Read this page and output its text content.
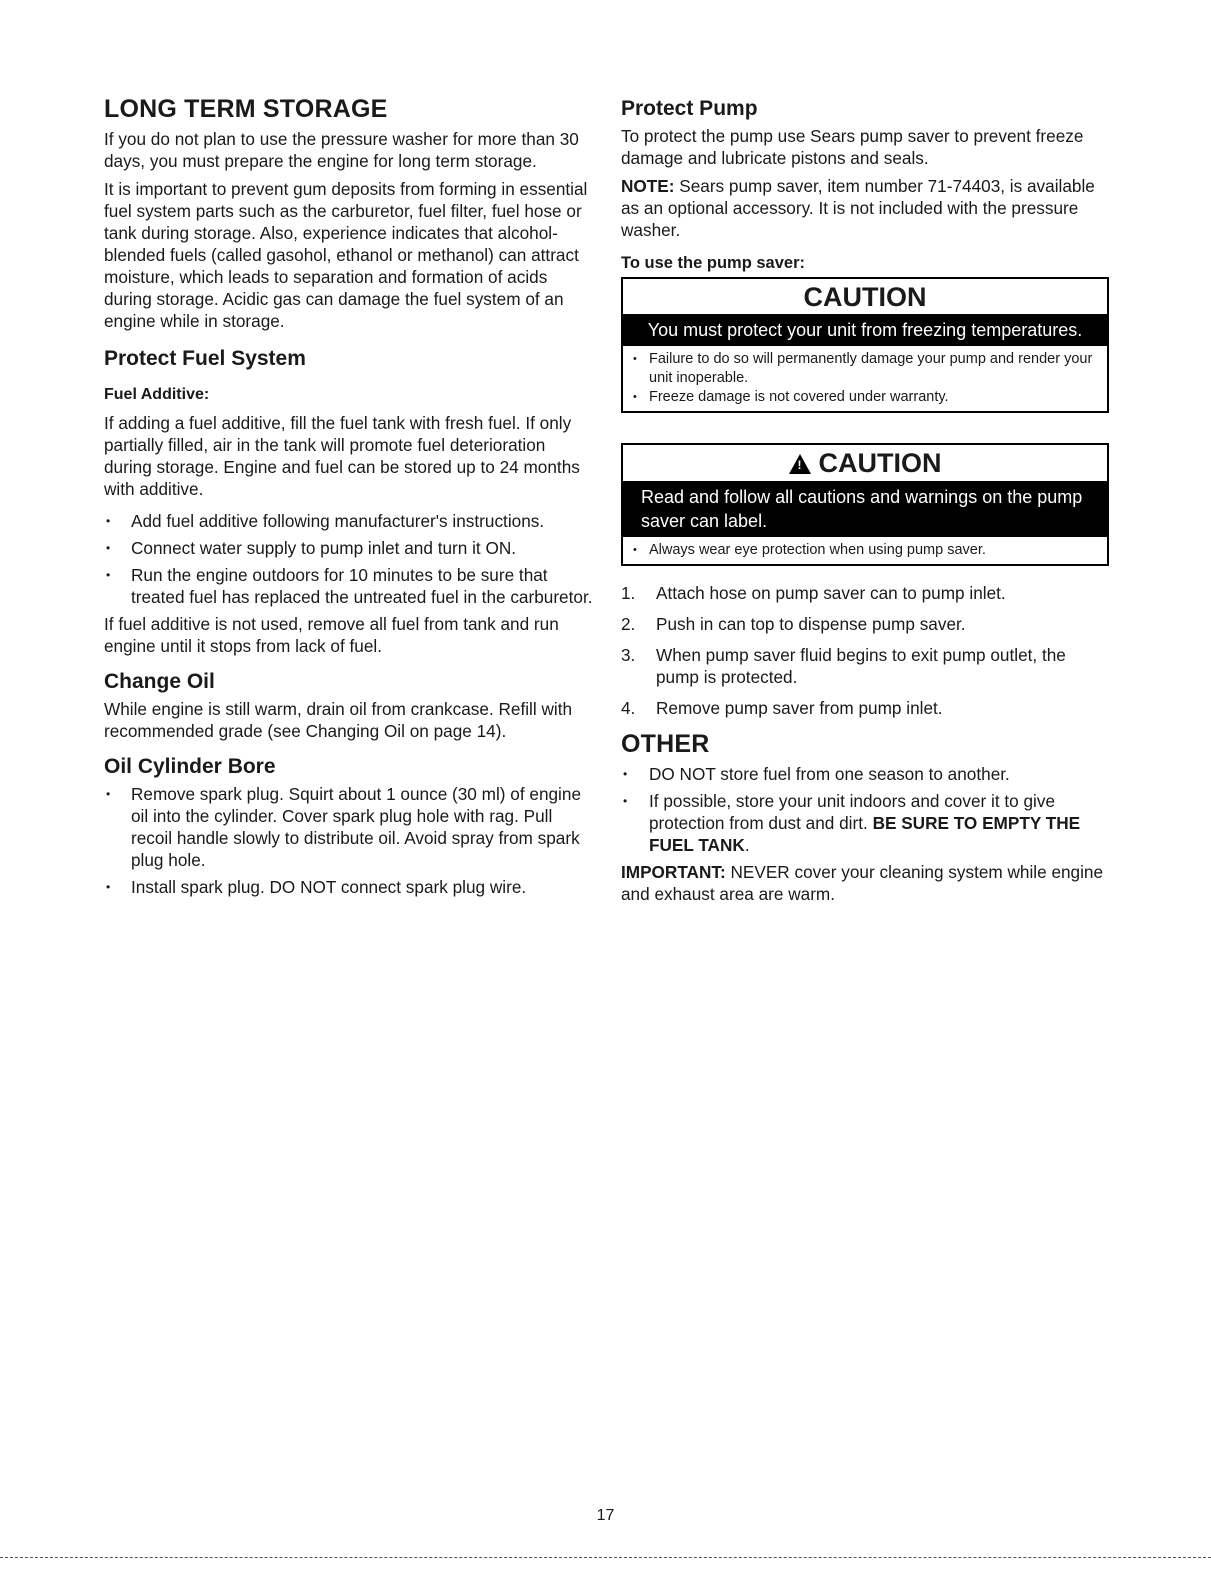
LONG TERM STORAGE

If you do not plan to use the pressure washer for more than 30 days, you must prepare the engine for long term storage.

It is important to prevent gum deposits from forming in essential fuel system parts such as the carburetor, fuel filter, fuel hose or tank during storage. Also, experience indicates that alcohol-blended fuels (called gasohol, ethanol or methanol) can attract moisture, which leads to separation and formation of acids during storage. Acidic gas can damage the fuel system of an engine while in storage.

Protect Fuel System
Fuel Additive:

If adding a fuel additive, fill the fuel tank with fresh fuel. If only partially filled, air in the tank will promote fuel deterioration during storage. Engine and fuel can be stored up to 24 months with additive.

• Add fuel additive following manufacturer's instructions.
• Connect water supply to pump inlet and turn it ON.
• Run the engine outdoors for 10 minutes to be sure that treated fuel has replaced the untreated fuel in the carburetor.

If fuel additive is not used, remove all fuel from tank and run engine until it stops from lack of fuel.

Change Oil

While engine is still warm, drain oil from crankcase. Refill with recommended grade (see Changing Oil on page 14).

Oil Cylinder Bore
• Remove spark plug. Squirt about 1 ounce (30 ml) of engine oil into the cylinder. Cover spark plug hole with rag. Pull recoil handle slowly to distribute oil. Avoid spray from spark plug hole.
• Install spark plug. DO NOT connect spark plug wire.
Protect Pump

To protect the pump use Sears pump saver to prevent freeze damage and lubricate pistons and seals.

NOTE: Sears pump saver, item number 71-74403, is available as an optional accessory. It is not included with the pressure washer.

To use the pump saver:
CAUTION
You must protect your unit from freezing temperatures.
• Failure to do so will permanently damage your pump and render your unit inoperable.
• Freeze damage is not covered under warranty.
!CAUTION
Read and follow all cautions and warnings on the pump saver can label.
• Always wear eye protection when using pump saver.
1. Attach hose on pump saver can to pump inlet.
2. Push in can top to dispense pump saver.
3. When pump saver fluid begins to exit pump outlet, the pump is protected.
4. Remove pump saver from pump inlet.
OTHER
• DO NOT store fuel from one season to another.
• If possible, store your unit indoors and cover it to give protection from dust and dirt. BE SURE TO EMPTY THE FUEL TANK.

IMPORTANT: NEVER cover your cleaning system while engine and exhaust area are warm.

17
